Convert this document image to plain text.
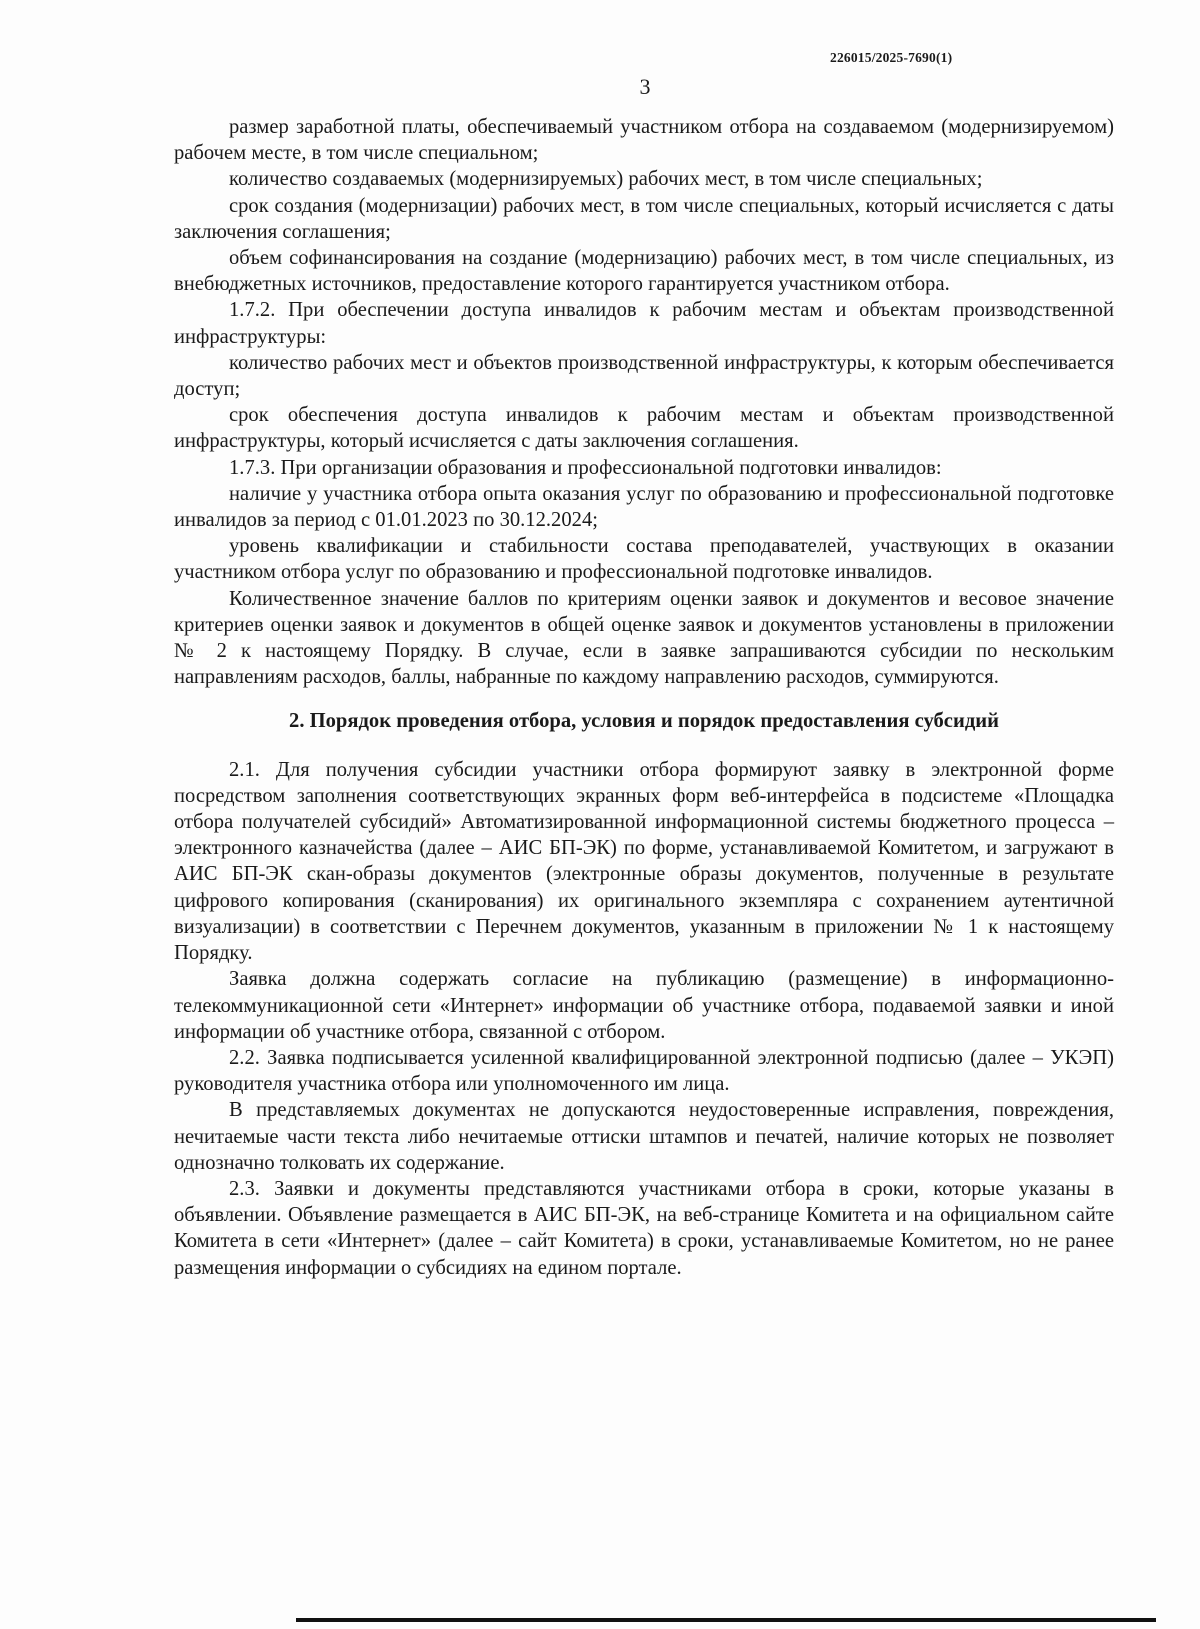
226015/2025-7690(1)
3

размер заработной платы, обеспечиваемый участником отбора на создаваемом (модернизируемом) рабочем месте, в том числе специальном;

количество создаваемых (модернизируемых) рабочих мест, в том числе специальных;

срок создания (модернизации) рабочих мест, в том числе специальных, который исчисляется с даты заключения соглашения;

объем софинансирования на создание (модернизацию) рабочих мест, в том числе специальных, из внебюджетных источников, предоставление которого гарантируется участником отбора.

1.7.2. При обеспечении доступа инвалидов к рабочим местам и объектам производственной инфраструктуры:

количество рабочих мест и объектов производственной инфраструктуры, к которым обеспечивается доступ;

срок обеспечения доступа инвалидов к рабочим местам и объектам производственной инфраструктуры, который исчисляется с даты заключения соглашения.

1.7.3. При организации образования и профессиональной подготовки инвалидов:

наличие у участника отбора опыта оказания услуг по образованию и профессиональной подготовке инвалидов за период с 01.01.2023 по 30.12.2024;

уровень квалификации и стабильности состава преподавателей, участвующих в оказании участником отбора услуг по образованию и профессиональной подготовке инвалидов.

Количественное значение баллов по критериям оценки заявок и документов и весовое значение критериев оценки заявок и документов в общей оценке заявок и документов установлены в приложении № 2 к настоящему Порядку. В случае, если в заявке запрашиваются субсидии по нескольким направлениям расходов, баллы, набранные по каждому направлению расходов, суммируются.

2. Порядок проведения отбора, условия и порядок предоставления субсидий

2.1. Для получения субсидии участники отбора формируют заявку в электронной форме посредством заполнения соответствующих экранных форм веб-интерфейса в подсистеме «Площадка отбора получателей субсидий» Автоматизированной информационной системы бюджетного процесса – электронного казначейства (далее – АИС БП-ЭК) по форме, устанавливаемой Комитетом, и загружают в АИС БП-ЭК скан-образы документов (электронные образы документов, полученные в результате цифрового копирования (сканирования) их оригинального экземпляра с сохранением аутентичной визуализации) в соответствии с Перечнем документов, указанным в приложении № 1 к настоящему Порядку.

Заявка должна содержать согласие на публикацию (размещение) в информационно-телекоммуникационной сети «Интернет» информации об участнике отбора, подаваемой заявки и иной информации об участнике отбора, связанной с отбором.

2.2. Заявка подписывается усиленной квалифицированной электронной подписью (далее – УКЭП) руководителя участника отбора или уполномоченного им лица.

В представляемых документах не допускаются неудостоверенные исправления, повреждения, нечитаемые части текста либо нечитаемые оттиски штампов и печатей, наличие которых не позволяет однозначно толковать их содержание.

2.3. Заявки и документы представляются участниками отбора в сроки, которые указаны в объявлении. Объявление размещается в АИС БП-ЭК, на веб-странице Комитета и на официальном сайте Комитета в сети «Интернет» (далее – сайт Комитета) в сроки, устанавливаемые Комитетом, но не ранее размещения информации о субсидиях на едином портале.
